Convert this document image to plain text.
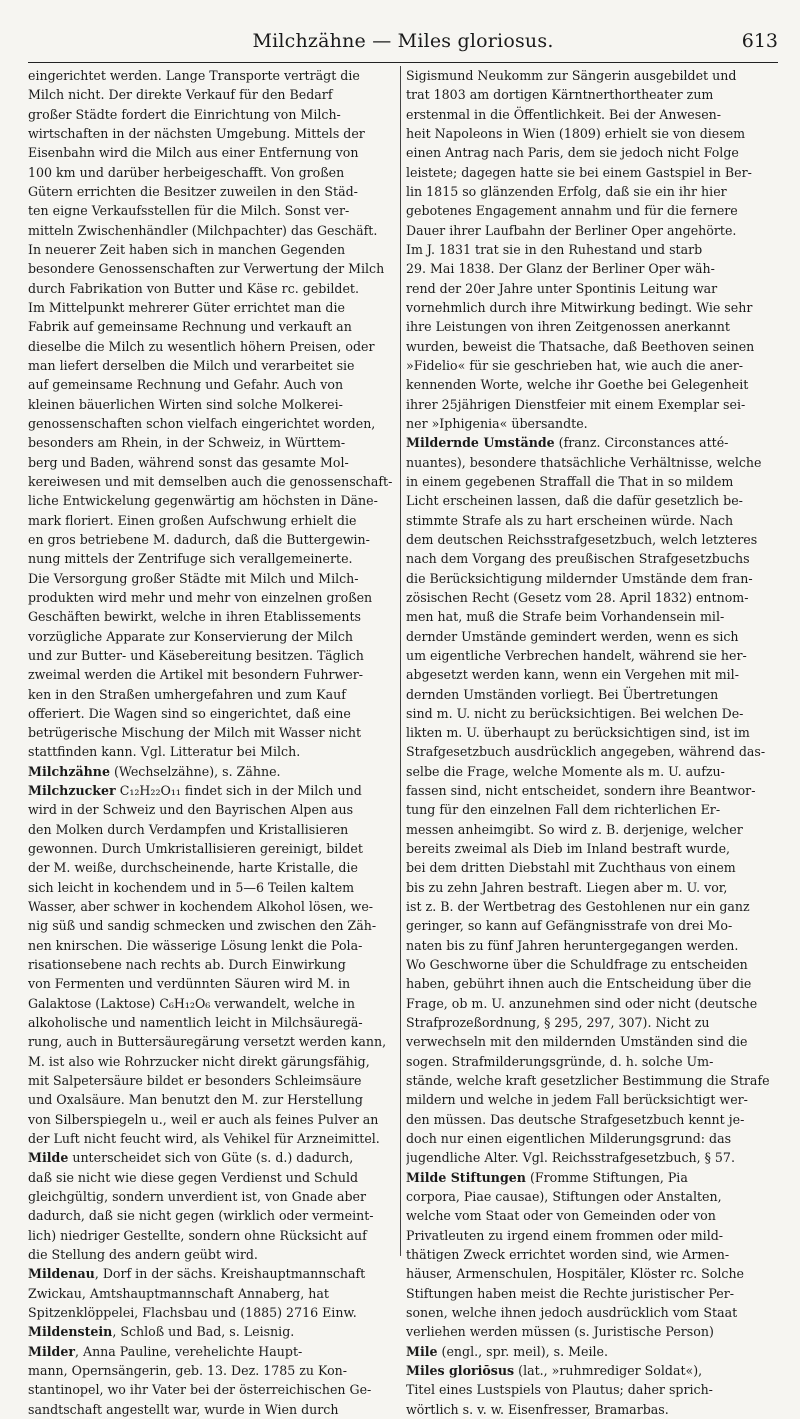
Milchzähne — Miles gloriosus.	613
eingerichtet werden. Lange Transporte verträgt die
Milch nicht. Der direkte Verkauf für den Bedarf
großer Städte fordert die Einrichtung von Milch-
wirtschaften in der nächsten Umgebung. Mittels der
Eisenbahn wird die Milch aus einer Entfernung von
100 km und darüber herbeigeschafft. Von großen
Gütern errichten die Besitzer zuweilen in den Städ-
ten eigne Verkaufsstellen für die Milch. Sonst ver-
mitteln Zwischenhändler (Milchpachter) das Geschäft.
In neuerer Zeit haben sich in manchen Gegenden
besondere Genossenschaften zur Verwertung der Milch
durch Fabrikation von Butter und Käse rc. gebildet.
Im Mittelpunkt mehrerer Güter errichtet man die
Fabrik auf gemeinsame Rechnung und verkauft an
dieselbe die Milch zu wesentlich höhern Preisen, oder
man liefert derselben die Milch und verarbeitet sie
auf gemeinsame Rechnung und Gefahr. Auch von
kleinen bäuerlichen Wirten sind solche Molkerei-
genossenschaften schon vielfach eingerichtet worden,
besonders am Rhein, in der Schweiz, in Württem-
berg und Baden, während sonst das gesamte Mol-
kereiwesen und mit demselben auch die genossenschaft-
liche Entwickelung gegenwärtig am höchsten in Däne-
mark floriert. Einen großen Aufschwung erhielt die
en gros betriebene M. dadurch, daß die Buttergewin-
nung mittels der Zentrifuge sich verallgemeinerte.
Die Versorgung großer Städte mit Milch und Milch-
produkten wird mehr und mehr von einzelnen großen
Geschäften bewirkt, welche in ihren Etablissements
vorzügliche Apparate zur Konservierung der Milch
und zur Butter- und Käsebereitung besitzen. Täglich
zweimal werden die Artikel mit besondern Fuhrwer-
ken in den Straßen umhergefahren und zum Kauf
offeriert. Die Wagen sind so eingerichtet, daß eine
betrügerische Mischung der Milch mit Wasser nicht
stattfinden kann. Vgl. Litteratur bei Milch.
Milchzähne (Wechselzähne), s. Zähne.
Milchzucker C₁₂H₂₂O₁₁ findet sich in der Milch und
wird in der Schweiz und den Bayrischen Alpen aus
den Molken durch Verdampfen und Kristallisieren
gewonnen. Durch Umkristallisieren gereinigt, bildet
der M. weiße, durchscheinende, harte Kristalle, die
sich leicht in kochendem und in 5—6 Teilen kaltem
Wasser, aber schwer in kochendem Alkohol lösen, we-
nig süß und sandig schmecken und zwischen den Zäh-
nen knirschen. Die wässerige Lösung lenkt die Pola-
risationsebene nach rechts ab. Durch Einwirkung
von Fermenten und verdünnten Säuren wird M. in
Galaktose (Laktose) C₆H₁₂O₆ verwandelt, welche in
alkoholische und namentlich leicht in Milchsäuregä-
rung, auch in Buttersäuregärung versetzt werden kann,
M. ist also wie Rohrzucker nicht direkt gärungsfähig,
mit Salpetersäure bildet er besonders Schleimsäure
und Oxalsäure. Man benutzt den M. zur Herstellung
von Silberspiegeln u., weil er auch als feines Pulver an
der Luft nicht feucht wird, als Vehikel für Arzneimittel.
Milde unterscheidet sich von Güte (s. d.) dadurch,
daß sie nicht wie diese gegen Verdienst und Schuld
gleichgültig, sondern unverdient ist, von Gnade aber
dadurch, daß sie nicht gegen (wirklich oder vermeint-
lich) niedriger Gestellte, sondern ohne Rücksicht auf
die Stellung des andern geübt wird.
Mildenau, Dorf in der sächs. Kreishauptmannschaft
Zwickau, Amtshauptmannschaft Annaberg, hat
Spitzenklöppelei, Flachsbau und (1885) 2716 Einw.
Mildenstein, Schloß und Bad, s. Leisnig.
Milder, Anna Pauline, verehelichte Haupt-
mann, Opernsängerin, geb. 13. Dez. 1785 zu Kon-
stantinopel, wo ihr Vater bei der österreichischen Ge-
sandtschaft angestellt war, wurde in Wien durch
Sigismund Neukomm zur Sängerin ausgebildet und
trat 1803 am dortigen Kärntnerthortheater zum
erstenmal in die Öffentlichkeit. Bei der Anwesen-
heit Napoleons in Wien (1809) erhielt sie von diesem
einen Antrag nach Paris, dem sie jedoch nicht Folge
leistete; dagegen hatte sie bei einem Gastspiel in Ber-
lin 1815 so glänzenden Erfolg, daß sie ein ihr hier
gebotenes Engagement annahm und für die fernere
Dauer ihrer Laufbahn der Berliner Oper angehörte.
Im J. 1831 trat sie in den Ruhestand und starb
29. Mai 1838. Der Glanz der Berliner Oper wäh-
rend der 20er Jahre unter Spontinis Leitung war
vornehmlich durch ihre Mitwirkung bedingt. Wie sehr
ihre Leistungen von ihren Zeitgenossen anerkannt
wurden, beweist die Thatsache, daß Beethoven seinen
»Fidelio« für sie geschrieben hat, wie auch die aner-
kennenden Worte, welche ihr Goethe bei Gelegenheit
ihrer 25jährigen Dienstfeier mit einem Exemplar sei-
ner »Iphigenia« übersandte.
Mildernde Umstände (franz. Circonstances atté-
nuantes), besondere thatsächliche Verhältnisse, welche
in einem gegebenen Straffall die That in so mildem
Licht erscheinen lassen, daß die dafür gesetzlich be-
stimmte Strafe als zu hart erscheinen würde. Nach
dem deutschen Reichsstrafgesetzbuch, welch letzteres
nach dem Vorgang des preußischen Strafgesetzbuchs
die Berücksichtigung mildernder Umstände dem fran-
zösischen Recht (Gesetz vom 28. April 1832) entnom-
men hat, muß die Strafe beim Vorhandensein mil-
dernder Umstände gemindert werden, wenn es sich
um eigentliche Verbrechen handelt, während sie her-
abgesetzt werden kann, wenn ein Vergehen mit mil-
dernden Umständen vorliegt. Bei Übertretungen
sind m. U. nicht zu berücksichtigen. Bei welchen De-
likten m. U. überhaupt zu berücksichtigen sind, ist im
Strafgesetzbuch ausdrücklich angegeben, während das-
selbe die Frage, welche Momente als m. U. aufzu-
fassen sind, nicht entscheidet, sondern ihre Beantwor-
tung für den einzelnen Fall dem richterlichen Er-
messen anheimgibt. So wird z. B. derjenige, welcher
bereits zweimal als Dieb im Inland bestraft wurde,
bei dem dritten Diebstahl mit Zuchthaus von einem
bis zu zehn Jahren bestraft. Liegen aber m. U. vor,
ist z. B. der Wertbetrag des Gestohlenen nur ein ganz
geringer, so kann auf Gefängnisstrafe von drei Mo-
naten bis zu fünf Jahren heruntergegangen werden.
Wo Geschworne über die Schuldfrage zu entscheiden
haben, gebührt ihnen auch die Entscheidung über die
Frage, ob m. U. anzunehmen sind oder nicht (deutsche
Strafprozeßordnung, § 295, 297, 307). Nicht zu
verwechseln mit den mildernden Umständen sind die
sogen. Strafmilderungsgründe, d. h. solche Um-
stände, welche kraft gesetzlicher Bestimmung die Strafe
mildern und welche in jedem Fall berücksichtigt wer-
den müssen. Das deutsche Strafgesetzbuch kennt je-
doch nur einen eigentlichen Milderungsgrund: das
jugendliche Alter. Vgl. Reichsstrafgesetzbuch, § 57.
Milde Stiftungen (Fromme Stiftungen, Pia
corpora, Piae causae), Stiftungen oder Anstalten,
welche vom Staat oder von Gemeinden oder von
Privatleuten zu irgend einem frommen oder mild-
thätigen Zweck errichtet worden sind, wie Armen-
häuser, Armenschulen, Hospitäler, Klöster rc. Solche
Stiftungen haben meist die Rechte juristischer Per-
sonen, welche ihnen jedoch ausdrücklich vom Staat
verliehen werden müssen (s. Juristische Person)
Mile (engl., spr. meil), s. Meile.
Miles gloriōsus (lat., »ruhmrediger Soldat«),
Titel eines Lustspiels von Plautus; daher sprich-
wörtlich s. v. w. Eisenfresser, Bramarbas.
